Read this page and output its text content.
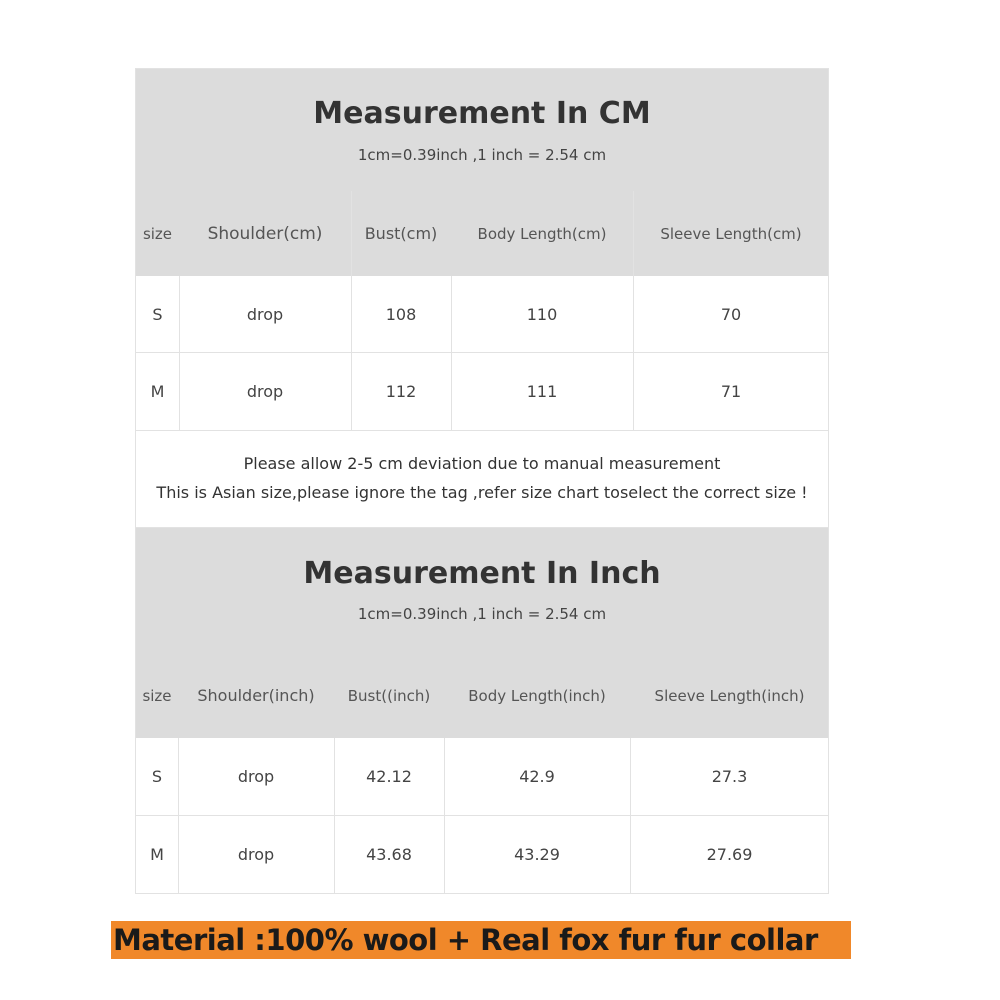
Measurement In CM
1cm=0.39inch ,1 inch = 2.54 cm
size	Shoulder(cm)	Bust(cm)	Body Length(cm)	Sleeve Length(cm)
S	drop	108	110	70
M	drop	112	111	71
Please allow 2-5 cm deviation due to manual measurement
This is Asian size,please ignore the tag ,refer size chart toselect the correct size !
Measurement In Inch
1cm=0.39inch ,1 inch = 2.54 cm
size	Shoulder(inch)	Bust((inch)	Body Length(inch)	Sleeve Length(inch)
S	drop	42.12	42.9	27.3
M	drop	43.68	43.29	27.69
Material :100% wool + Real fox fur fur collar
